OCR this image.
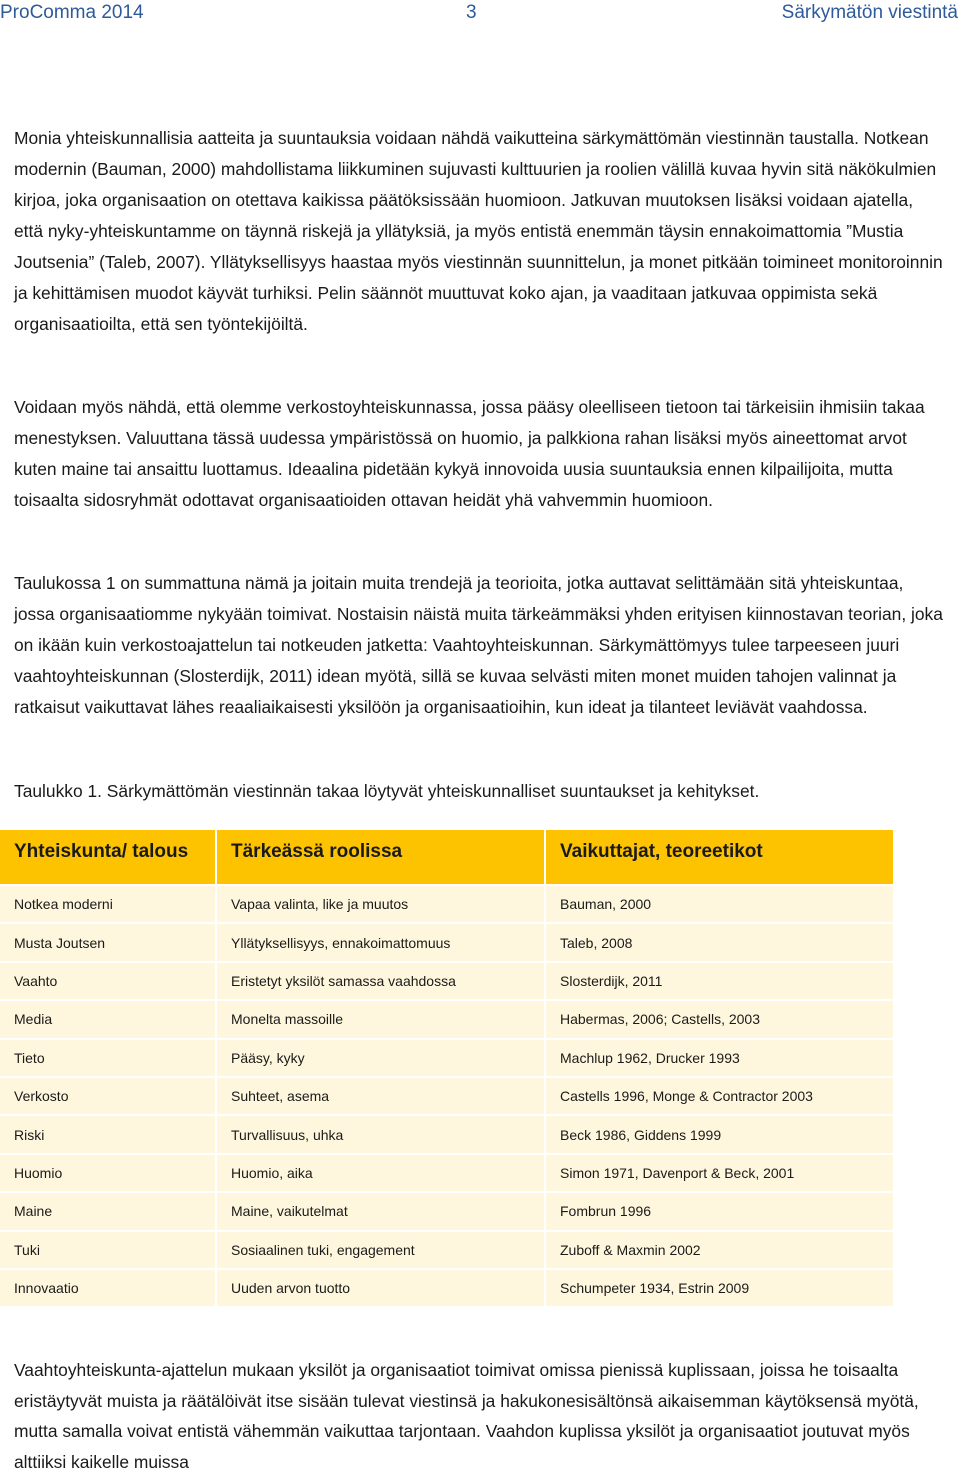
ProComma 2014	3	Särkymätön viestintä

Monia yhteiskunnallisia aatteita ja suuntauksia voidaan nähdä vaikutteina särkymättömän viestinnän taustalla. Notkean modernin (Bauman, 2000) mahdollistama liikkuminen sujuvasti kulttuurien ja roolien välillä kuvaa hyvin sitä näkökulmien kirjoa, joka organisaation on otettava kaikissa päätöksissään huomioon. Jatkuvan muutoksen lisäksi voidaan ajatella, että nyky-yhteiskuntamme on täynnä riskejä ja yllätyksiä, ja myös entistä enemmän täysin ennakoimattomia ”Mustia Joutsenia” (Taleb, 2007). Yllätyksellisyys haastaa myös viestinnän suunnittelun, ja monet pitkään toimineet monitoroinnin ja kehittämisen muodot käyvät turhiksi. Pelin säännöt muuttuvat koko ajan, ja vaaditaan jatkuvaa oppimista sekä organisaatioilta, että sen työntekijöiltä.

Voidaan myös nähdä, että olemme verkostoyhteiskunnassa, jossa pääsy oleelliseen tietoon tai tärkeisiin ihmisiin takaa menestyksen. Valuuttana tässä uudessa ympäristössä on huomio, ja palkkiona rahan lisäksi myös aineettomat arvot kuten maine tai ansaittu luottamus. Ideaalina pidetään kykyä innovoida uusia suuntauksia ennen kilpailijoita, mutta toisaalta sidosryhmät odottavat organisaatioiden ottavan heidät yhä vahvemmin huomioon.

Taulukossa 1 on summattuna nämä ja joitain muita trendejä ja teorioita, jotka auttavat selittämään sitä yhteiskuntaa, jossa organisaatiomme nykyään toimivat. Nostaisin näistä muita tärkeämmäksi yhden erityisen kiinnostavan teorian, joka on ikään kuin verkostoajattelun tai notkeuden jatketta: Vaahtoyhteiskunnan. Särkymättömyys tulee tarpeeseen juuri vaahtoyhteiskunnan (Slosterdijk, 2011) idean myötä, sillä se kuvaa selvästi miten monet muiden tahojen valinnat ja ratkaisut vaikuttavat lähes reaaliaikaisesti yksilöön ja organisaatioihin, kun ideat ja tilanteet leviävät vaahdossa.

Taulukko 1. Särkymättömän viestinnän takaa löytyvät yhteiskunnalliset suuntaukset ja kehitykset.

Yhteiskunta/ talous	Tärkeässä roolissa	Vaikuttajat, teoreetikot
Notkea moderni	Vapaa valinta, like ja muutos	Bauman, 2000
Musta Joutsen	Yllätyksellisyys, ennakoimattomuus	Taleb, 2008
Vaahto	Eristetyt yksilöt samassa vaahdossa	Slosterdijk, 2011
Media	Monelta massoille	Habermas, 2006; Castells, 2003
Tieto	Pääsy, kyky	Machlup 1962, Drucker 1993
Verkosto	Suhteet, asema	Castells 1996, Monge & Contractor 2003
Riski	Turvallisuus, uhka	Beck 1986, Giddens 1999
Huomio	Huomio, aika	Simon 1971, Davenport & Beck, 2001
Maine	Maine, vaikutelmat	Fombrun 1996
Tuki	Sosiaalinen tuki, engagement	Zuboff & Maxmin 2002
Innovaatio	Uuden arvon tuotto	Schumpeter 1934, Estrin 2009

Vaahtoyhteiskunta-ajattelun mukaan yksilöt ja organisaatiot toimivat omissa pienissä kuplissaan, joissa he toisaalta eristäytyvät muista ja räätälöivät itse sisään tulevat viestinsä ja hakukonesisältönsä aikaisemman käytöksensä myötä, mutta samalla voivat entistä vähemmän vaikuttaa tarjontaan. Vaahdon kuplissa yksilöt ja organisaatiot joutuvat myös alttiiksi kaikelle muissa
